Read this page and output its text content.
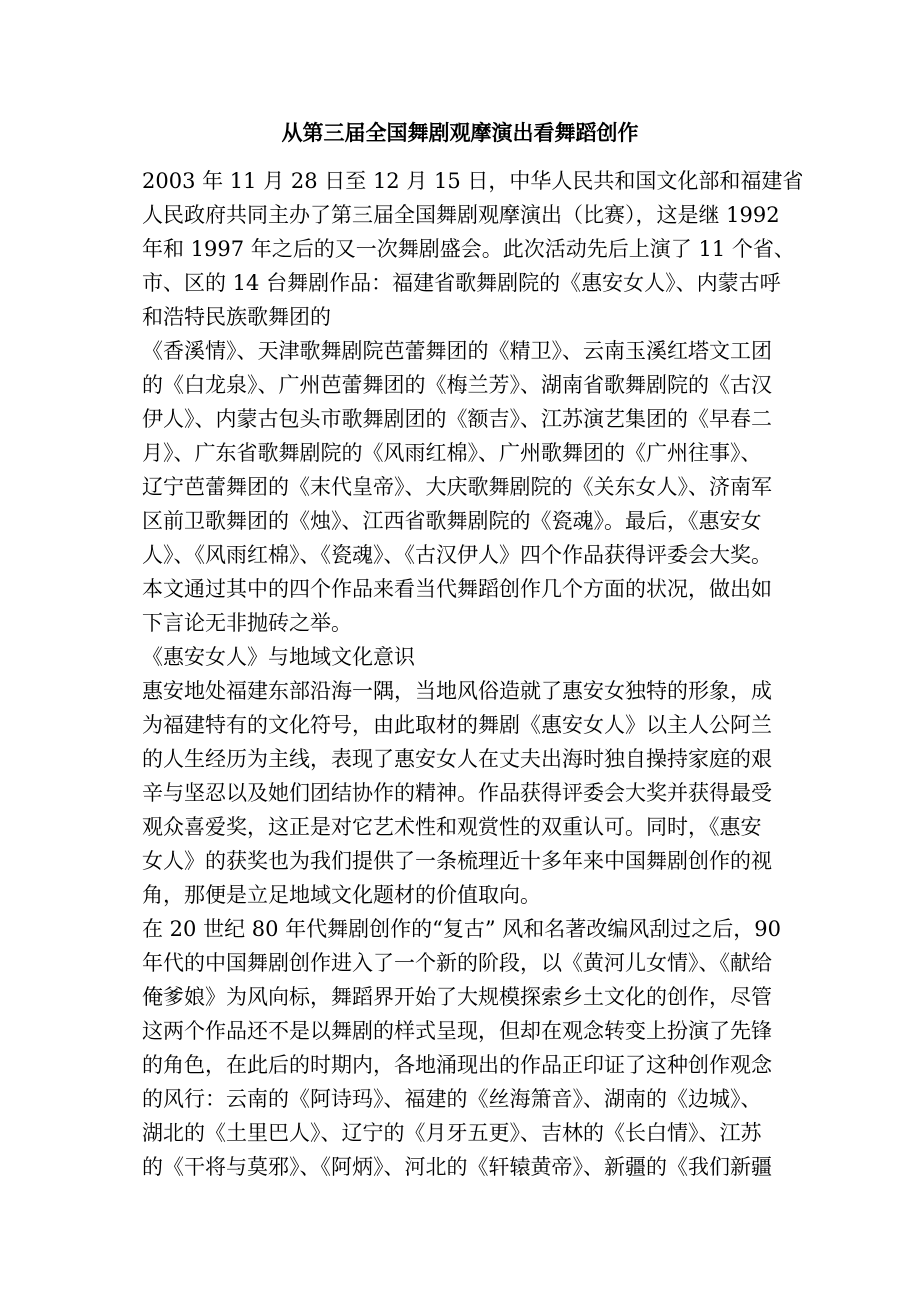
从第三届全国舞剧观摩演出看舞蹈创作

2003 年 11 月 28 日至 12 月 15 日，中华人民共和国文化部和福建省

人民政府共同主办了第三届全国舞剧观摩演出（比赛），这是继 1992

年和 1997 年之后的又一次舞剧盛会。此次活动先后上演了 11 个省、

市、区的 14 台舞剧作品：福建省歌舞剧院的《惠安女人》、内蒙古呼

和浩特民族歌舞团的

《香溪情》、天津歌舞剧院芭蕾舞团的《精卫》、云南玉溪红塔文工团

的《白龙泉》、广州芭蕾舞团的《梅兰芳》、湖南省歌舞剧院的《古汉

伊人》、内蒙古包头市歌舞剧团的《额吉》、江苏演艺集团的《早春二

月》、广东省歌舞剧院的《风雨红棉》、广州歌舞团的《广州往事》、

辽宁芭蕾舞团的《末代皇帝》、大庆歌舞剧院的《关东女人》、济南军

区前卫歌舞团的《烛》、江西省歌舞剧院的《瓷魂》。最后，《惠安女

人》、《风雨红棉》、《瓷魂》、《古汉伊人》四个作品获得评委会大奖。

本文通过其中的四个作品来看当代舞蹈创作几个方面的状况，做出如

下言论无非抛砖之举。

《惠安女人》与地域文化意识

惠安地处福建东部沿海一隅，当地风俗造就了惠安女独特的形象，成

为福建特有的文化符号，由此取材的舞剧《惠安女人》以主人公阿兰

的人生经历为主线，表现了惠安女人在丈夫出海时独自操持家庭的艰

辛与坚忍以及她们团结协作的精神。作品获得评委会大奖并获得最受

观众喜爱奖，这正是对它艺术性和观赏性的双重认可。同时，《惠安

女人》的获奖也为我们提供了一条梳理近十多年来中国舞剧创作的视

角，那便是立足地域文化题材的价值取向。

在 20 世纪 80 年代舞剧创作的“复古” 风和名著改编风刮过之后，90

年代的中国舞剧创作进入了一个新的阶段，以《黄河儿女情》、《献给

俺爹娘》为风向标，舞蹈界开始了大规模探索乡土文化的创作，尽管

这两个作品还不是以舞剧的样式呈现，但却在观念转变上扮演了先锋

的角色，在此后的时期内，各地涌现出的作品正印证了这种创作观念

的风行：云南的《阿诗玛》、福建的《丝海箫音》、湖南的《边城》、

湖北的《土里巴人》、辽宁的《月牙五更》、吉林的《长白情》、江苏

的《干将与莫邪》、《阿炳》、河北的《轩辕黄帝》、新疆的《我们新疆
